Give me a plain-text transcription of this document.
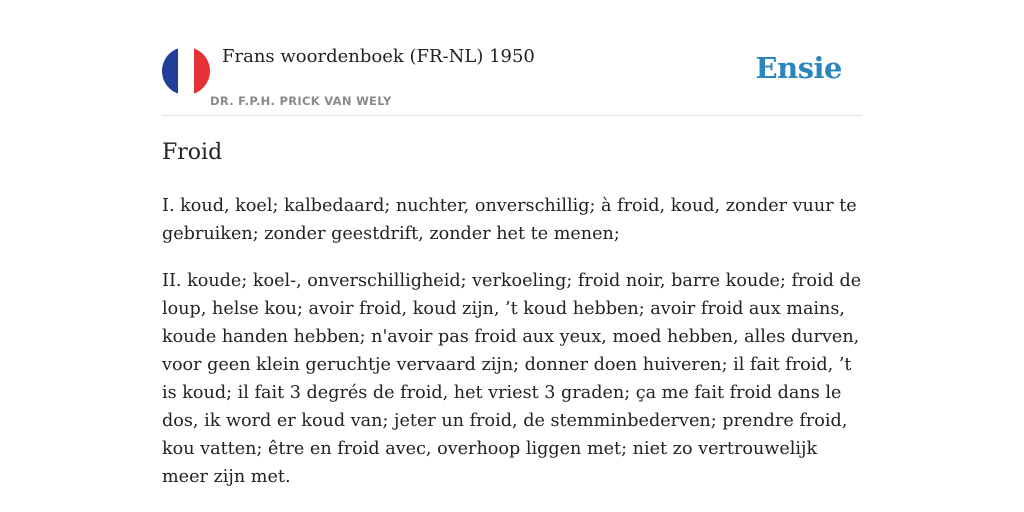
Frans woordenboek (FR-NL) 1950
DR. F.P.H. PRICK VAN WELY
Ensie
Froid

I. koud, koel; kalbedaard; nuchter, onverschillig; à froid, koud, zonder vuur te gebruiken; zonder geestdrift, zonder het te menen;

II. koude; koel-, onverschilligheid; verkoeling; froid noir, barre koude; froid de loup, helse kou; avoir froid, koud zijn, ’t koud hebben; avoir froid aux mains, koude handen hebben; n'avoir pas froid aux yeux, moed hebben, alles durven, voor geen klein geruchtje vervaard zijn; donner doen huiveren; il fait froid, ’t is koud; il fait 3 degrés de froid, het vriest 3 graden; ça me fait froid dans le dos, ik word er koud van; jeter un froid, de stemminbederven; prendre froid, kou vatten; être en froid avec, overhoop liggen met; niet zo vertrouwelijk meer zijn met.
